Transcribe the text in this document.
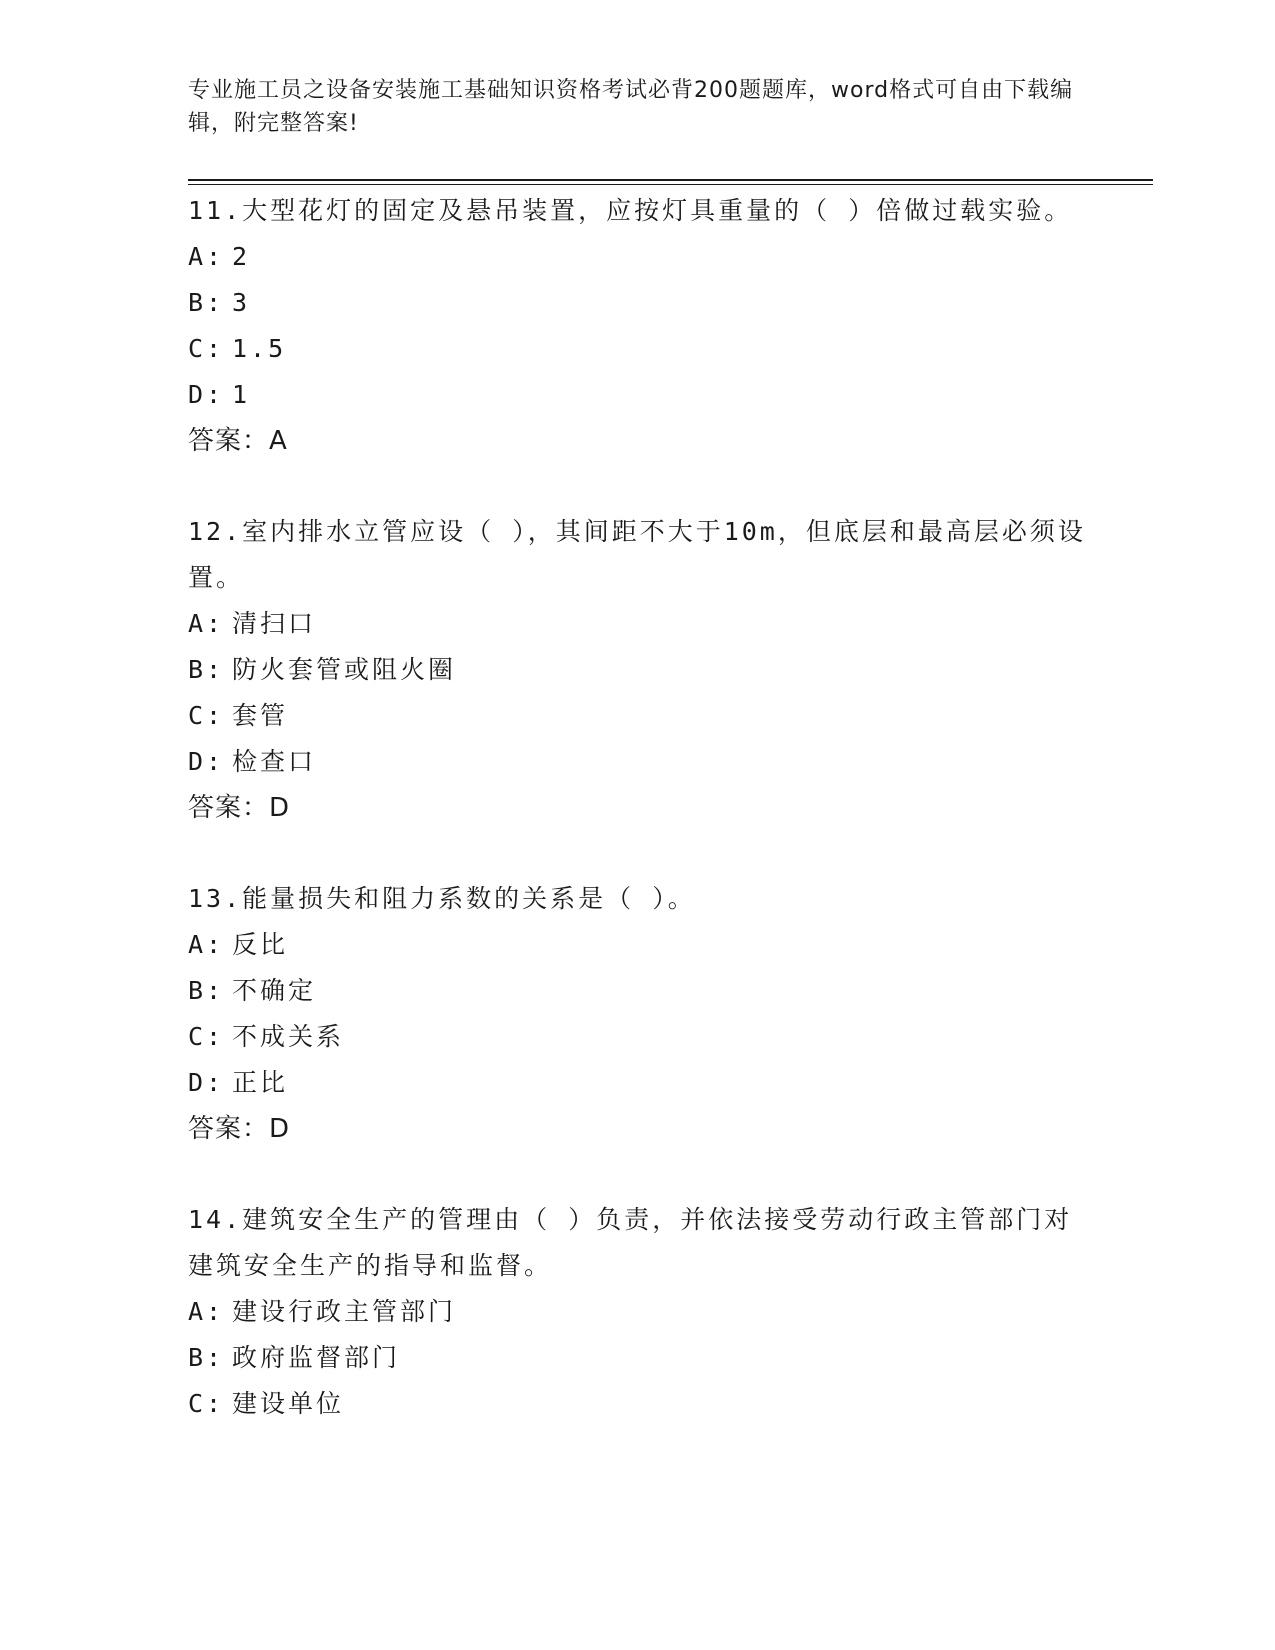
专业施工员之设备安装施工基础知识资格考试必背200题题库，word格式可自由下载编辑，附完整答案!

11.大型花灯的固定及悬吊装置，应按灯具重量的（ ）倍做过载实验。

A: 2

B: 3

C: 1.5

D: 1

答案：A

12.室内排水立管应设（ ），其间距不大于10m，但底层和最高层必须设置。

A: 清扫口

B: 防火套管或阻火圈

C: 套管

D: 检查口

答案：D

13.能量损失和阻力系数的关系是（ ）。

A: 反比

B: 不确定

C: 不成关系

D: 正比

答案：D

14.建筑安全生产的管理由（ ）负责，并依法接受劳动行政主管部门对建筑安全生产的指导和监督。

A: 建设行政主管部门

B: 政府监督部门

C: 建设单位
